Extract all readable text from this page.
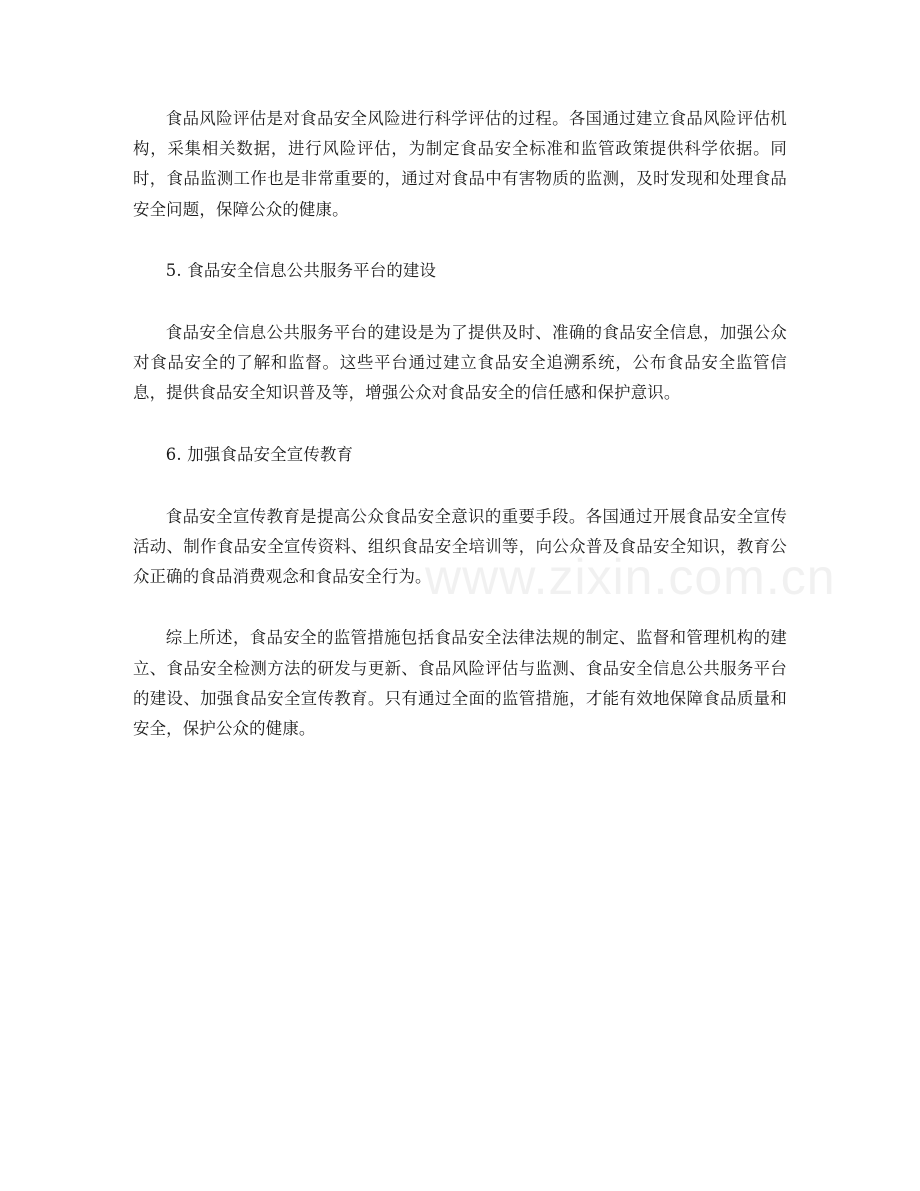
食品风险评估是对食品安全风险进行科学评估的过程。各国通过建立食品风险评估机构，采集相关数据，进行风险评估，为制定食品安全标准和监管政策提供科学依据。同时，食品监测工作也是非常重要的，通过对食品中有害物质的监测，及时发现和处理食品安全问题，保障公众的健康。

5. 食品安全信息公共服务平台的建设

食品安全信息公共服务平台的建设是为了提供及时、准确的食品安全信息，加强公众对食品安全的了解和监督。这些平台通过建立食品安全追溯系统，公布食品安全监管信息，提供食品安全知识普及等，增强公众对食品安全的信任感和保护意识。

6. 加强食品安全宣传教育

食品安全宣传教育是提高公众食品安全意识的重要手段。各国通过开展食品安全宣传活动、制作食品安全宣传资料、组织食品安全培训等，向公众普及食品安全知识，教育公众正确的食品消费观念和食品安全行为。

综上所述，食品安全的监管措施包括食品安全法律法规的制定、监督和管理机构的建立、食品安全检测方法的研发与更新、食品风险评估与监测、食品安全信息公共服务平台的建设、加强食品安全宣传教育。只有通过全面的监管措施，才能有效地保障食品质量和安全，保护公众的健康。

www.zixin.com.cn
